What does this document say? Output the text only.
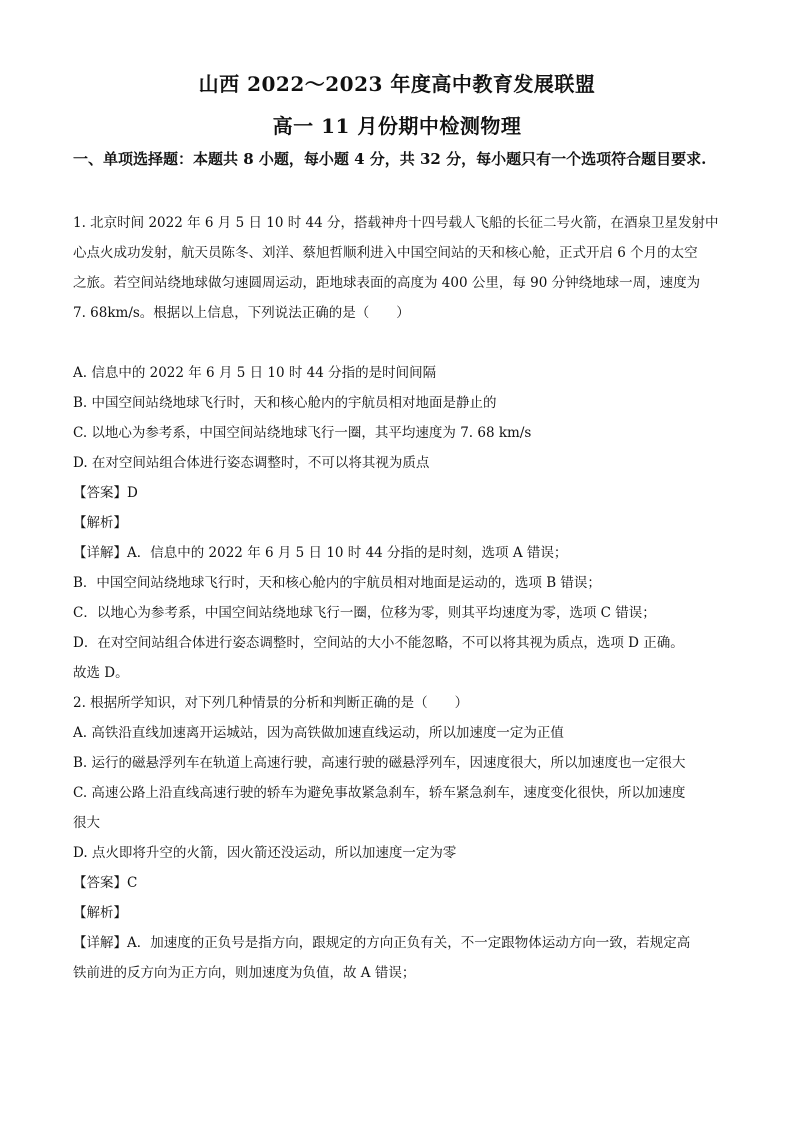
山西 2022～2023 年度高中教育发展联盟
高一 11 月份期中检测物理
一、单项选择题：本题共 8 小题，每小题 4 分，共 32 分，每小题只有一个选项符合题目要求.
1. 北京时间 2022 年 6 月 5 日 10 时 44 分，搭载神舟十四号载人飞船的长征二号火箭，在酒泉卫星发射中
心点火成功发射，航天员陈冬、刘洋、蔡旭哲顺利进入中国空间站的天和核心舱，正式开启 6 个月的太空
之旅。若空间站绕地球做匀速圆周运动，距地球表面的高度为 400 公里，每 90 分钟绕地球一周，速度为
7. 68km/s。根据以上信息，下列说法正确的是（　　）
A. 信息中的 2022 年 6 月 5 日 10 时 44 分指的是时间间隔
B. 中国空间站绕地球飞行时，天和核心舱内的宇航员相对地面是静止的
C. 以地心为参考系，中国空间站绕地球飞行一圈，其平均速度为 7. 68 km/s
D. 在对空间站组合体进行姿态调整时，不可以将其视为质点
【答案】D
【解析】
【详解】A．信息中的 2022 年 6 月 5 日 10 时 44 分指的是时刻，选项 A 错误；
B．中国空间站绕地球飞行时，天和核心舱内的宇航员相对地面是运动的，选项 B 错误；
C．以地心为参考系，中国空间站绕地球飞行一圈，位移为零，则其平均速度为零，选项 C 错误；
D．在对空间站组合体进行姿态调整时，空间站的大小不能忽略，不可以将其视为质点，选项 D 正确。
故选 D。
2. 根据所学知识，对下列几种情景的分析和判断正确的是（　　）
A. 高铁沿直线加速离开运城站，因为高铁做加速直线运动，所以加速度一定为正值
B. 运行的磁悬浮列车在轨道上高速行驶，高速行驶的磁悬浮列车，因速度很大，所以加速度也一定很大
C. 高速公路上沿直线高速行驶的轿车为避免事故紧急刹车，轿车紧急刹车，速度变化很快，所以加速度
很大
D. 点火即将升空的火箭，因火箭还没运动，所以加速度一定为零
【答案】C
【解析】
【详解】A．加速度的正负号是指方向，跟规定的方向正负有关，不一定跟物体运动方向一致，若规定高
铁前进的反方向为正方向，则加速度为负值，故 A 错误；
